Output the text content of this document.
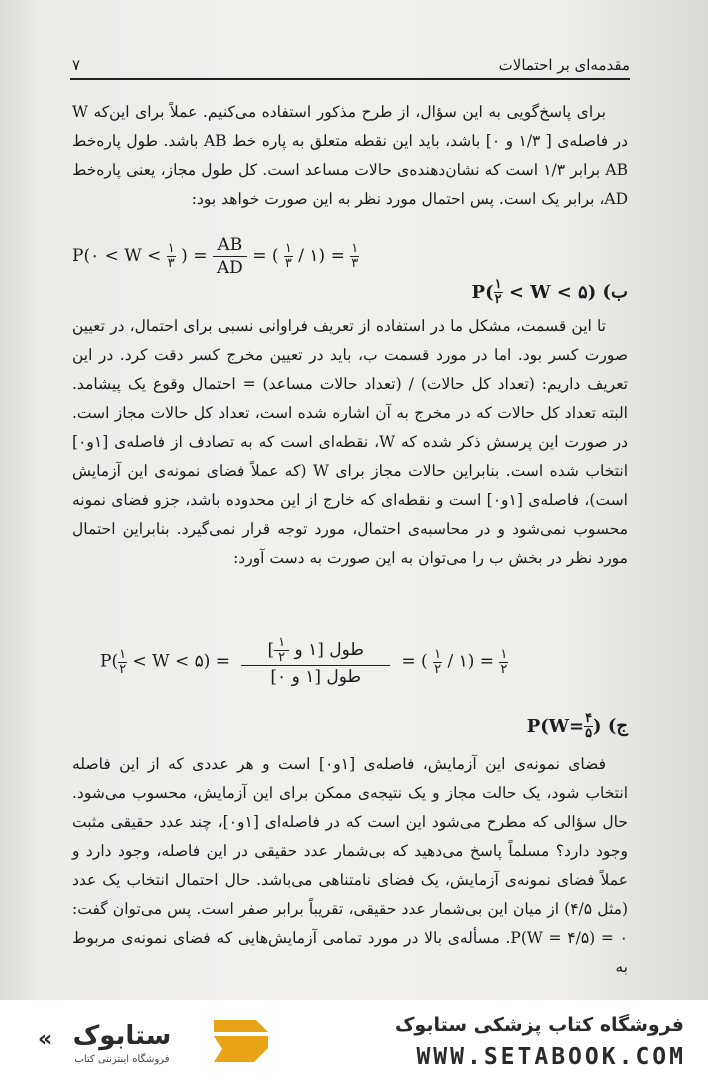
۷	مقدمه‌ای بر احتمالات

برای پاسخ‌گویی به این سؤال، از طرح مذکور استفاده می‌کنیم. عملاً برای این‌که W در فاصله‌ی [ ۱/۳ و ۰] باشد، باید این نقطه متعلق به پاره خط AB باشد. طول پاره‌خط AB برابر ۱/۳ است که نشان‌دهنده‌ی حالات مساعد است. کل طول مجاز، یعنی پاره‌خط AD، برابر یک است. پس احتمال مورد نظر به این صورت خواهد بود:

P(۰ < $W < \frac{۱}{۳}$ ) = $\frac{AB}{AD}$ = ( $\frac{۱}{۳}$ / ۱) = $\frac{۱}{۳}$
ب) $P( \frac{۱}{۲} < W$ < ۵)

تا این قسمت، مشکل ما در استفاده از تعریف فراوانی نسبی برای احتمال، در تعیین صورت کسر بود. اما در مورد قسمت ب، باید در تعیین مخرج کسر دقت کرد. در این تعریف داریم: (تعداد کل حالات) / (تعداد حالات مساعد) = احتمال وقوع یک پیشامد. البته تعداد کل حالات که در مخرج به آن اشاره شده است، تعداد کل حالات مجاز است. در صورت این پرسش ذکر شده که W، نقطه‌ای است که به تصادف از فاصله‌ی [۱و۰] انتخاب شده است. بنابراین حالات مجاز برای W (که عملاً فضای نمونه‌ی این آزمایش است)، فاصله‌ی [۱و۰] است و نقطه‌ای که خارج از این محدوده باشد، جزو فضای نمونه محسوب نمی‌شود و در محاسبه‌ی احتمال، مورد توجه قرار نمی‌گیرد. بنابراین احتمال مورد نظر در بخش ب را می‌توان به این صورت به دست آورد:

$P( \frac{۱}{۲} < W$ < ۵) =
طول [۱ و
$\frac{۱}{۲}$
]
طول [۱ و ۰]
= ( $\frac{۱}{۲}$ / ۱) = $\frac{۱}{۲}$
ج) $P(W= \frac{۴}{۵}$ )

فضای نمونه‌ی این آزمایش، فاصله‌ی [۱و۰] است و هر عددی که از این فاصله انتخاب شود، یک حالت مجاز و یک نتیجه‌ی ممکن برای این آزمایش، محسوب می‌شود. حال سؤالی که مطرح می‌شود این است که در فاصله‌ای [۱و۰]، چند عدد حقیقی مثبت وجود دارد؟ مسلماً پاسخ می‌دهید که بی‌شمار عدد حقیقی در این فاصله، وجود دارد و عملاً فضای نمونه‌ی آزمایش، یک فضای نامتناهی می‌باشد. حال احتمال انتخاب یک عدد (مثل ۴/۵) از میان این بی‌شمار عدد حقیقی، تقریباً برابر صفر است. پس می‌توان گفت: P(W = ۴/۵) = ۰. مسأله‌ی بالا در مورد تمامی آزمایش‌هایی که فضای نمونه‌ی مربوط به

ستابوک
فروشگاه اینترنتی کتاب
«
فروشگاه کتاب پزشکی ستابوک
WWW.SETABOOK.COM
